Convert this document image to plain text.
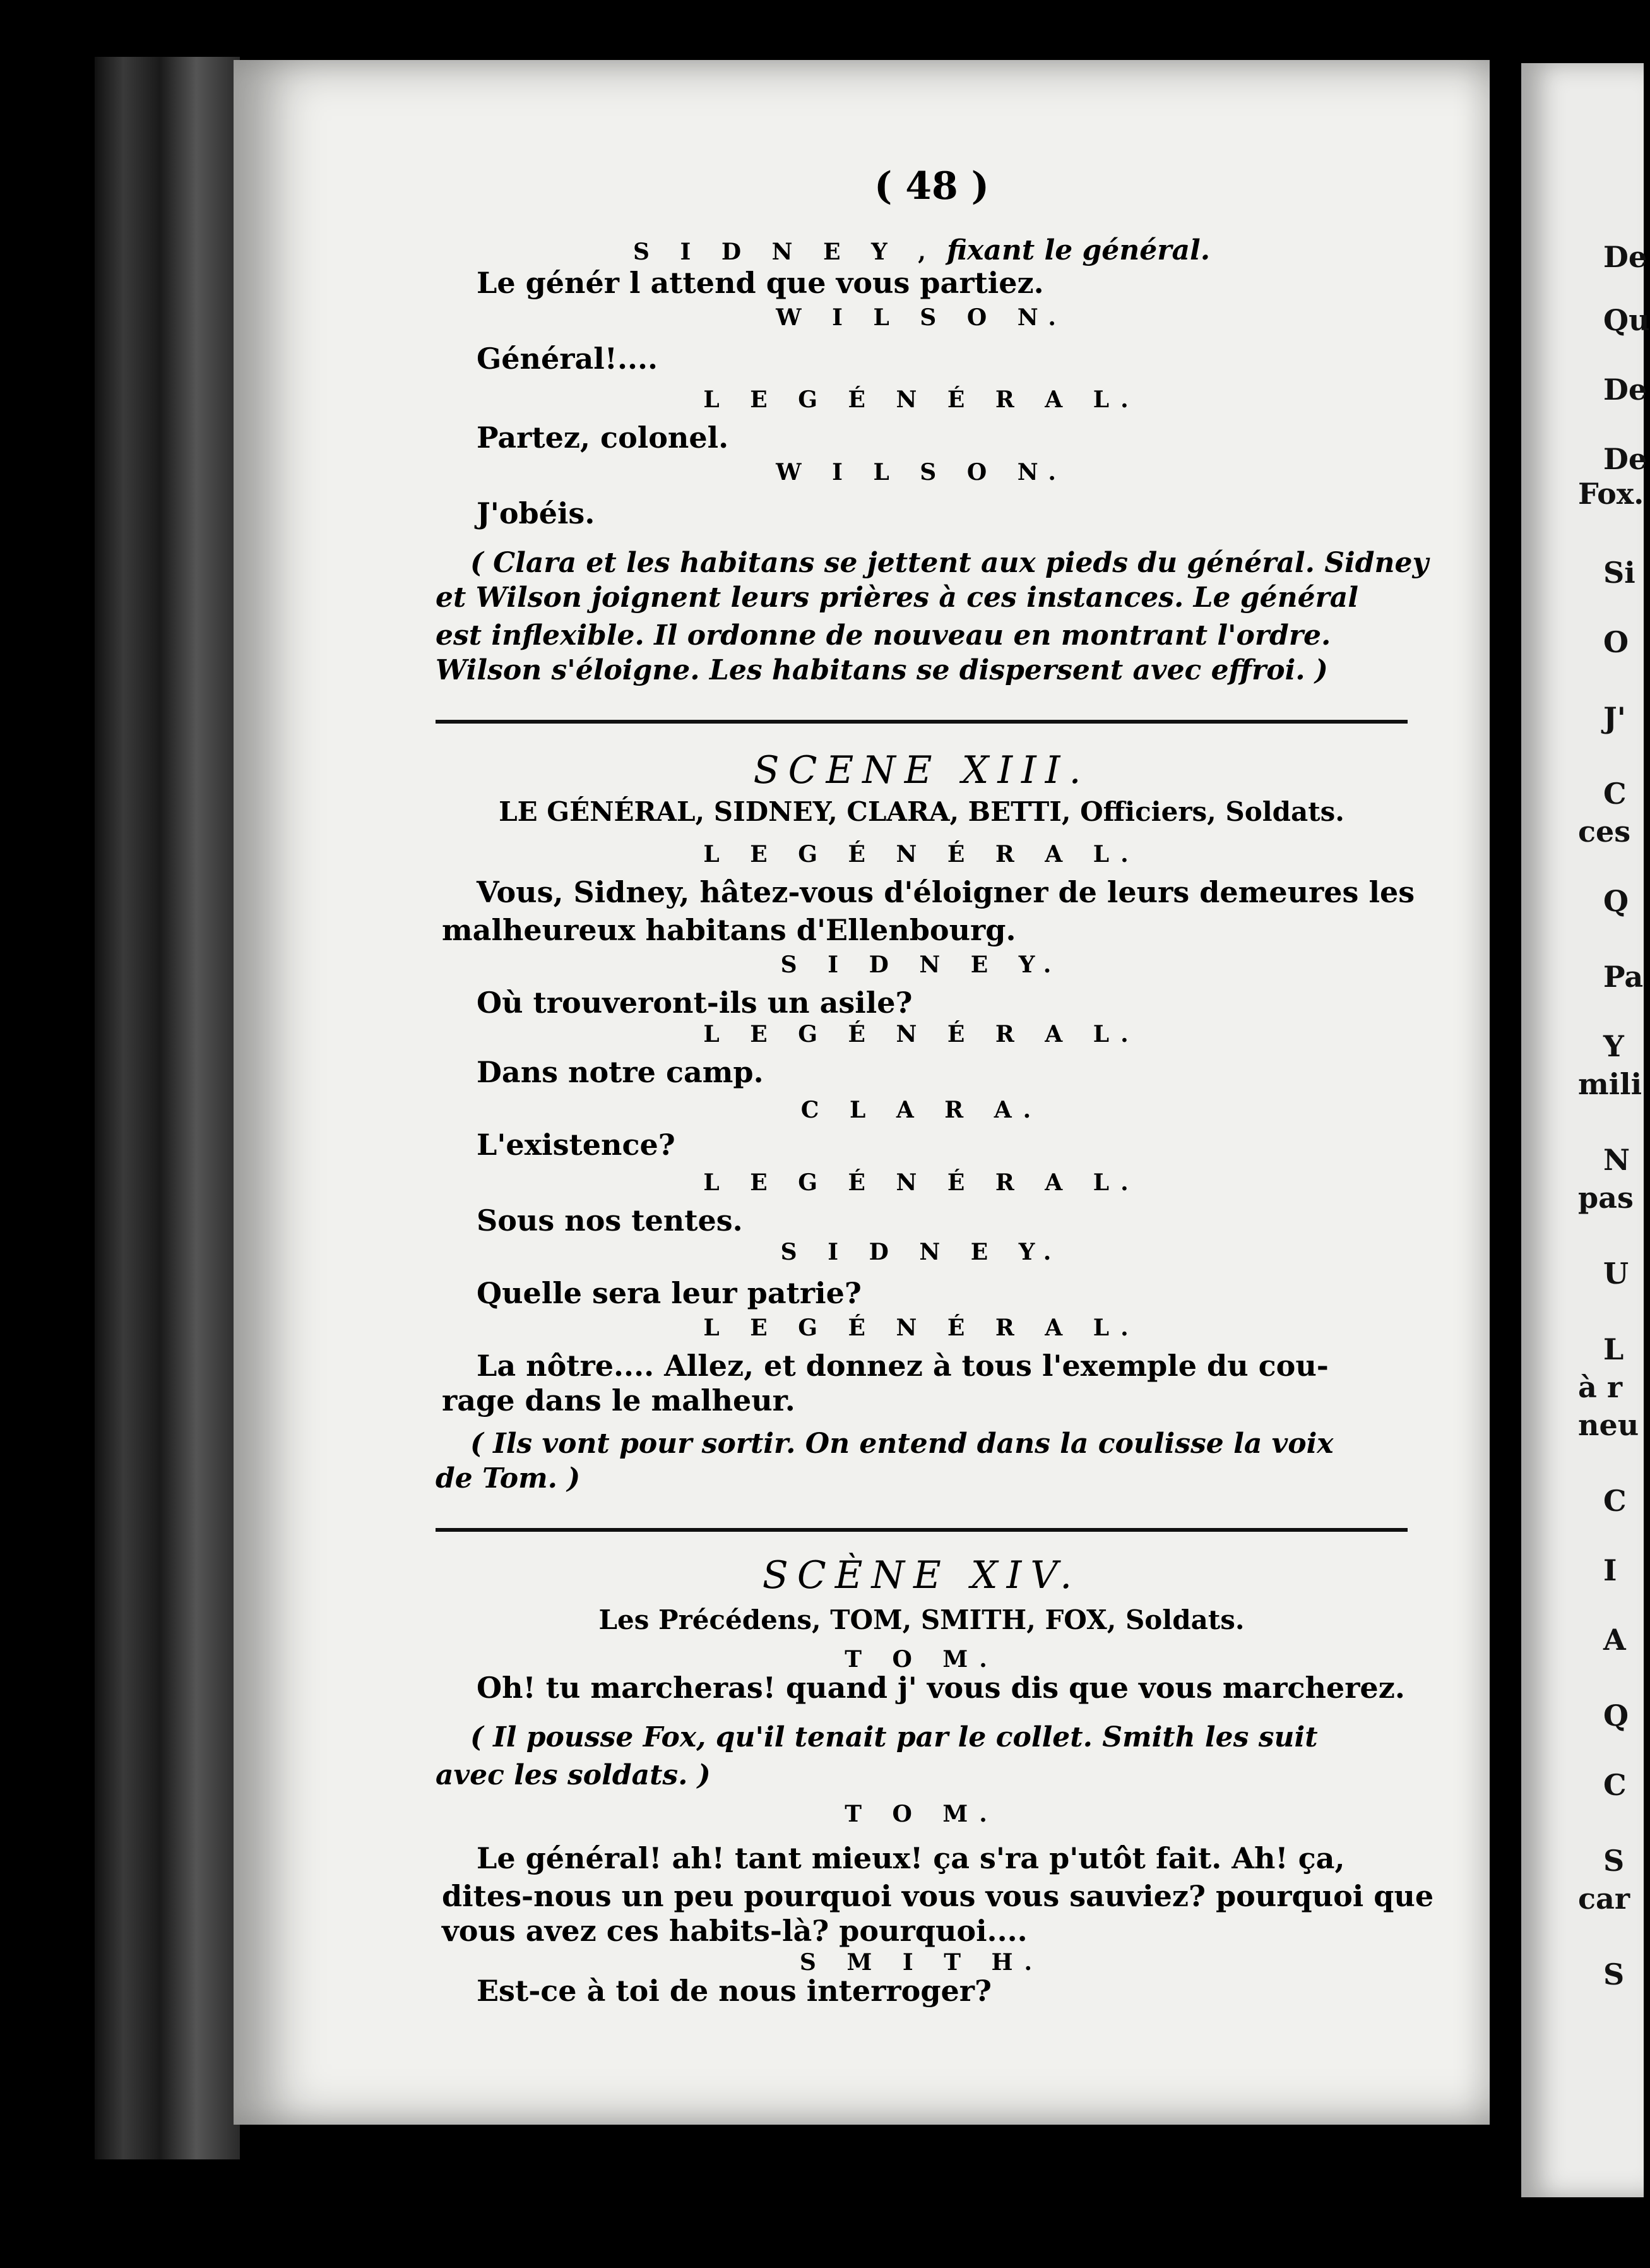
( 48 )
S I D N E Y , fixant le général.
Le génér l attend que vous partiez.
W I L S O N.
Général!....
L E G É N É R A L.
Partez, colonel.
W I L S O N.
J'obéis.
( Clara et les habitans se jettent aux pieds du général. Sidney
et Wilson joignent leurs prières à ces instances. Le général
est inflexible. Il ordonne de nouveau en montrant l'ordre.
Wilson s'éloigne. Les habitans se dispersent avec effroi. )
SCENE XIII.
LE GÉNÉRAL, SIDNEY, CLARA, BETTI, Officiers, Soldats.
L E G É N É R A L.
Vous, Sidney, hâtez-vous d'éloigner de leurs demeures les
malheureux habitans d'Ellenbourg.
S I D N E Y.
Où trouveront-ils un asile?
L E G É N É R A L.
Dans notre camp.
C L A R A.
L'existence?
L E G É N É R A L.
Sous nos tentes.
S I D N E Y.
Quelle sera leur patrie?
L E G É N É R A L.
La nôtre.... Allez, et donnez à tous l'exemple du cou-
rage dans le malheur.
( Ils vont pour sortir. On entend dans la coulisse la voix
de Tom. )
SCÈNE XIV.
Les Précédens, TOM, SMITH, FOX, Soldats.
T O M.
Oh! tu marcheras! quand j' vous dis que vous marcherez.
( Il pousse Fox, qu'il tenait par le collet. Smith les suit
avec les soldats. )
T O M.
Le général! ah! tant mieux! ça s'ra p'utôt fait. Ah! ça,
dites-nous un peu pourquoi vous vous sauviez? pourquoi que
vous avez ces habits-là? pourquoi....
S M I T H.
Est-ce à toi de nous interroger?
De
Qu
De
De
Fox.
Si
O
J'
C
ces
Q
Pa
Y
mili
N
pas
U
L
à r
neu
C
I
A
Q
C
S
car
S
